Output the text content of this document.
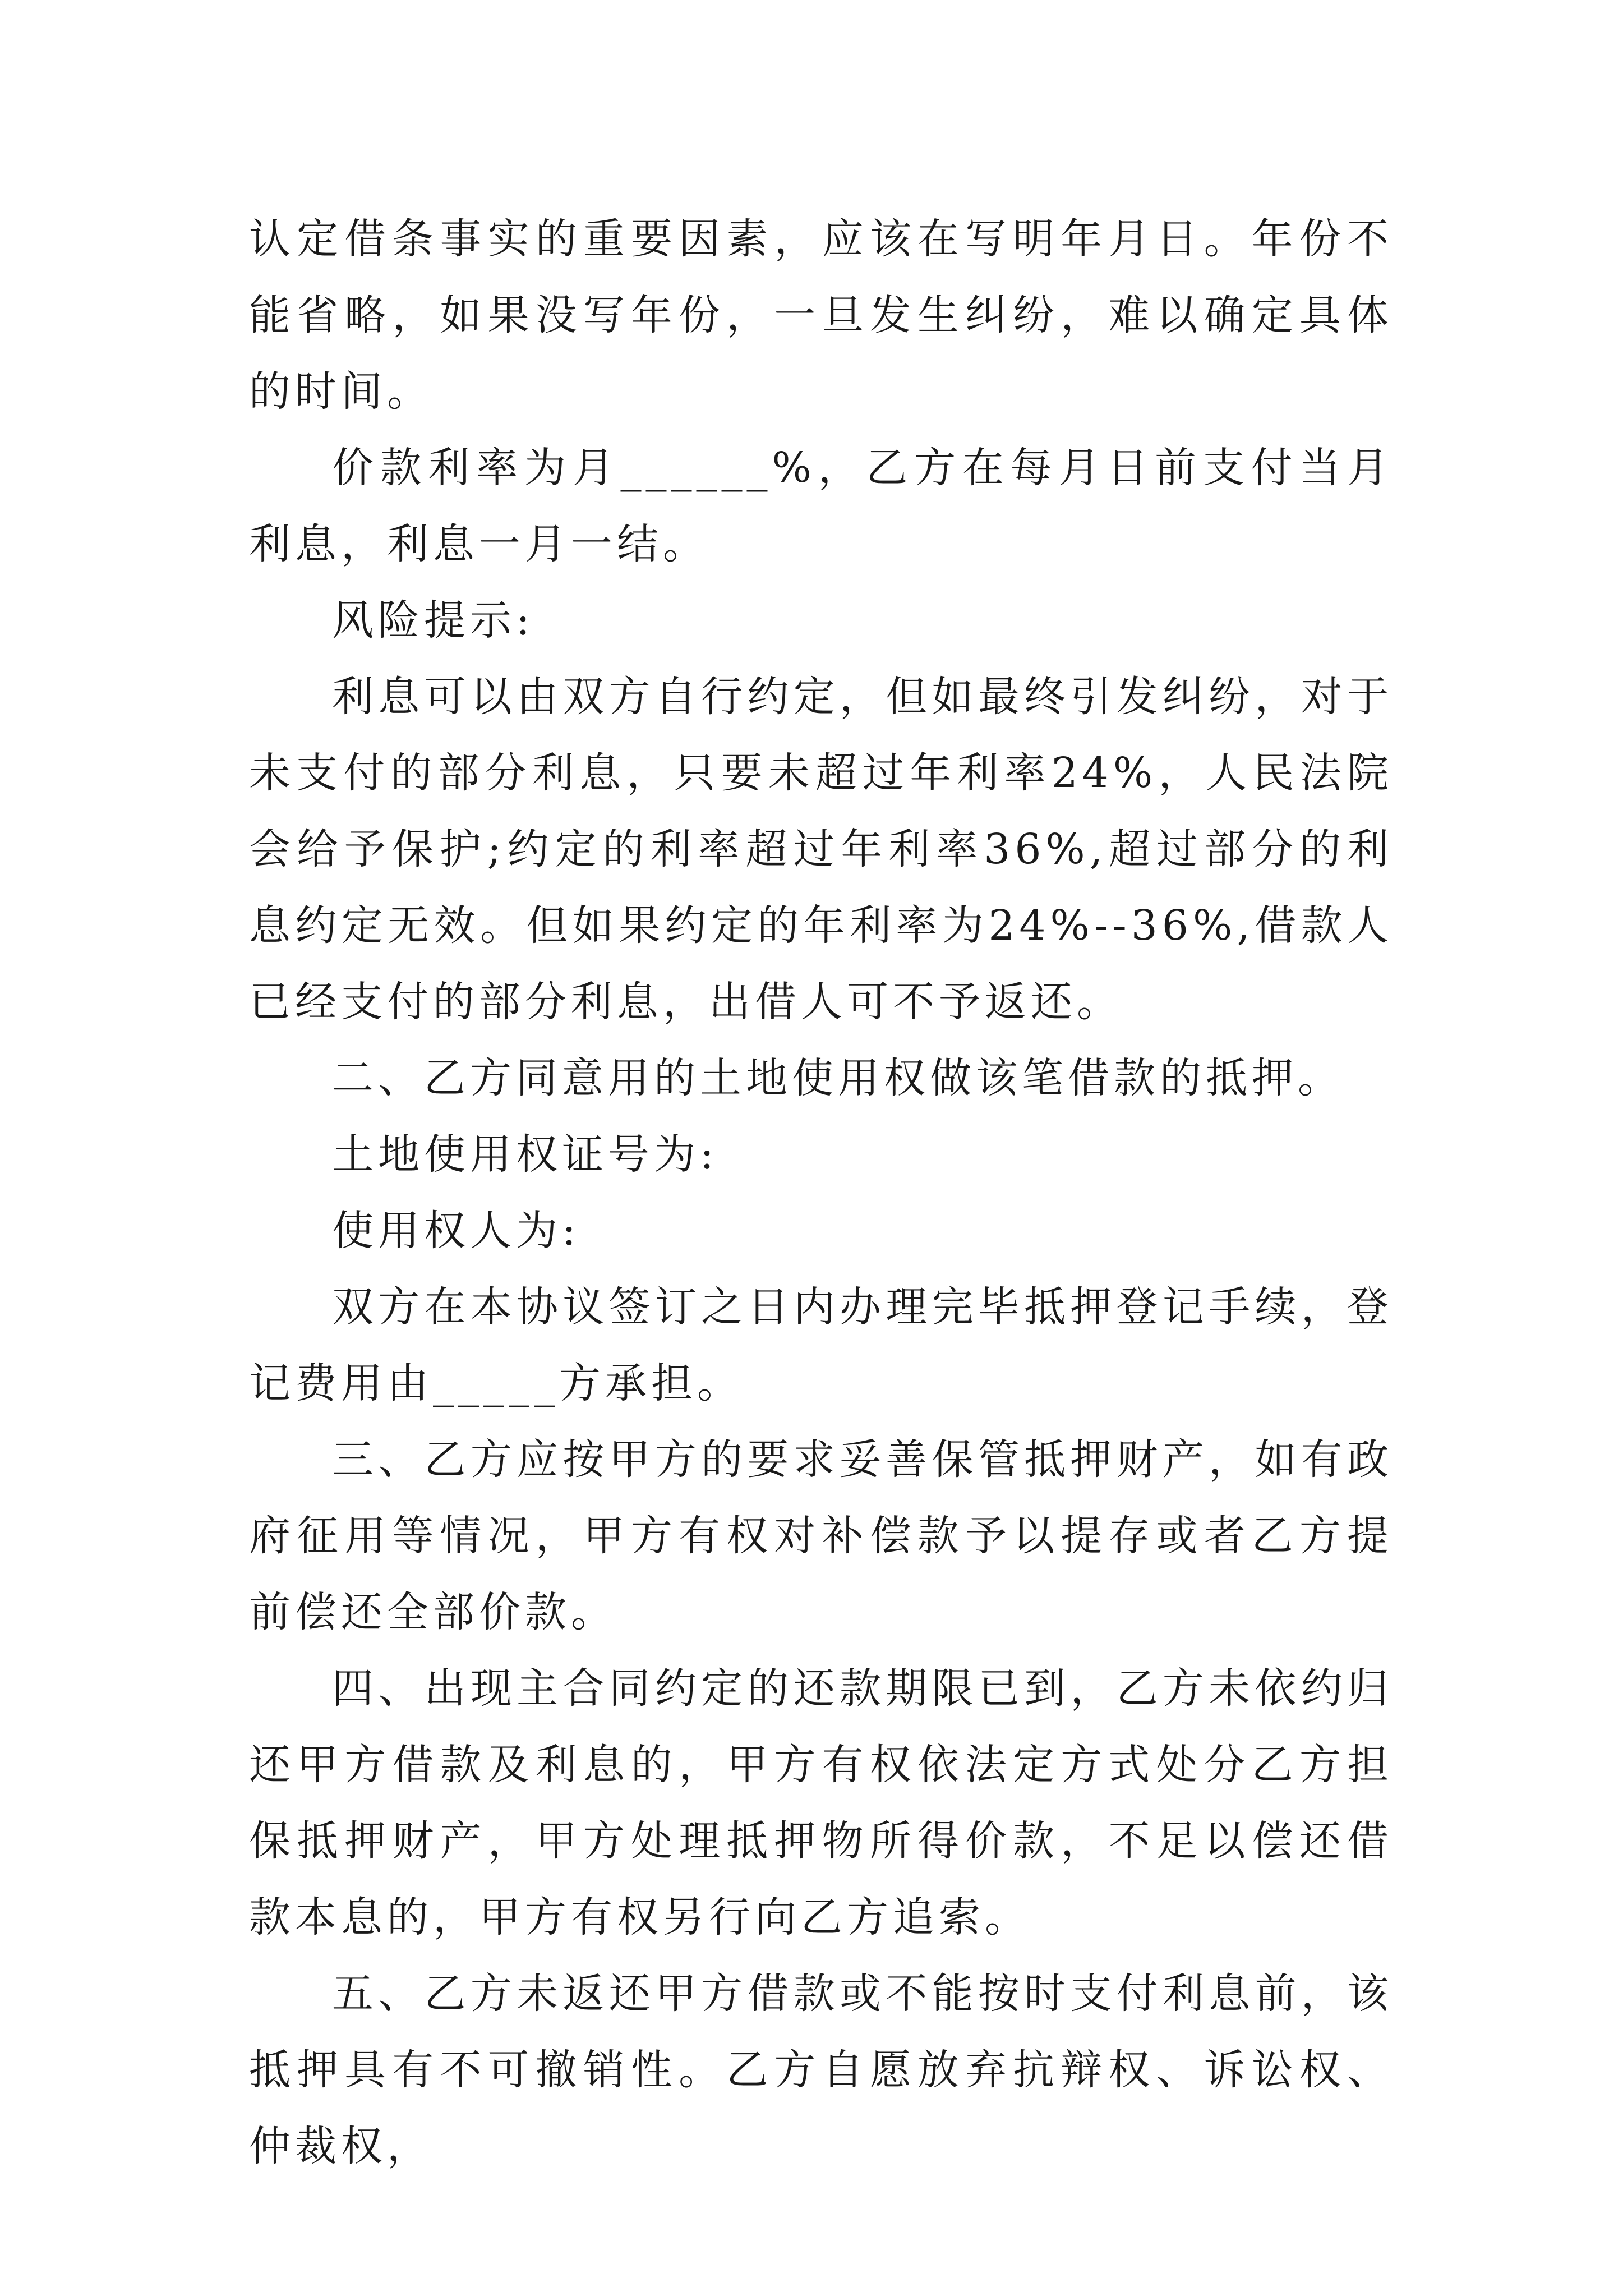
认定借条事实的重要因素，应该在写明年月日。年份不能省略，如果没写年份，一旦发生纠纷，难以确定具体的时间。

价款利率为月______%，乙方在每月日前支付当月利息，利息一月一结。

风险提示:

利息可以由双方自行约定，但如最终引发纠纷，对于未支付的部分利息，只要未超过年利率24%，人民法院会给予保护;约定的利率超过年利率36%,超过部分的利息约定无效。但如果约定的年利率为24%--36%,借款人已经支付的部分利息，出借人可不予返还。

二、乙方同意用的土地使用权做该笔借款的抵押。

土地使用权证号为:

使用权人为:

双方在本协议签订之日内办理完毕抵押登记手续，登记费用由_____方承担。

三、乙方应按甲方的要求妥善保管抵押财产，如有政府征用等情况，甲方有权对补偿款予以提存或者乙方提前偿还全部价款。

四、出现主合同约定的还款期限已到，乙方未依约归还甲方借款及利息的，甲方有权依法定方式处分乙方担保抵押财产，甲方处理抵押物所得价款，不足以偿还借款本息的，甲方有权另行向乙方追索。

五、乙方未返还甲方借款或不能按时支付利息前，该抵押具有不可撤销性。乙方自愿放弃抗辩权、诉讼权、仲裁权，
